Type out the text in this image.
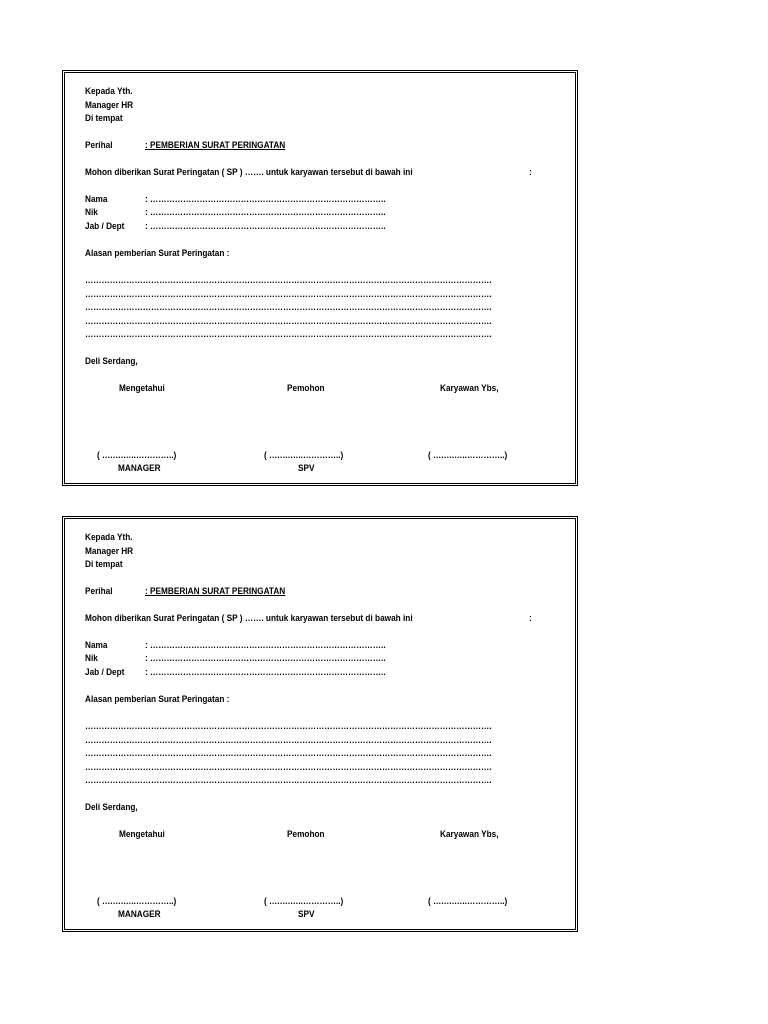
Kepada Yth.
Manager HR
Di tempat
Perihal	: PEMBERIAN SURAT PERINGATAN
Mohon diberikan Surat Peringatan ( SP ) ……. untuk karyawan tersebut di bawah ini	:
Nama	: …………………………………………………………………………..
Nik	: …………………………………………………………………………..
Jab / Dept : …………………………………………………………………………..
Alasan pemberian Surat Peringatan :
………………………………………………………………………………………………………………………………….
………………………………………………………………………………………………………………………………….
………………………………………………………………………………………………………………………………….
………………………………………………………………………………………………………………………………….
………………………………………………………………………………………………………………………………….
Deli Serdang,
Mengetahui	Pemohon	Karyawan Ybs,
( ….….…..…………..)	( ….….…..…………..)	( ….….…..…………..)
MANAGER	SPV
Kepada Yth.
Manager HR
Di tempat
Perihal	: PEMBERIAN SURAT PERINGATAN
Mohon diberikan Surat Peringatan ( SP ) ……. untuk karyawan tersebut di bawah ini	:
Nama	: …………………………………………………………………………..
Nik	: …………………………………………………………………………..
Jab / Dept : …………………………………………………………………………..
Alasan pemberian Surat Peringatan :
………………………………………………………………………………………………………………………………….
………………………………………………………………………………………………………………………………….
………………………………………………………………………………………………………………………………….
………………………………………………………………………………………………………………………………….
………………………………………………………………………………………………………………………………….
Deli Serdang,
Mengetahui	Pemohon	Karyawan Ybs,
( ….….…..…………..)	( ….….…..…………..)	( ….….…..…………..)
MANAGER	SPV
